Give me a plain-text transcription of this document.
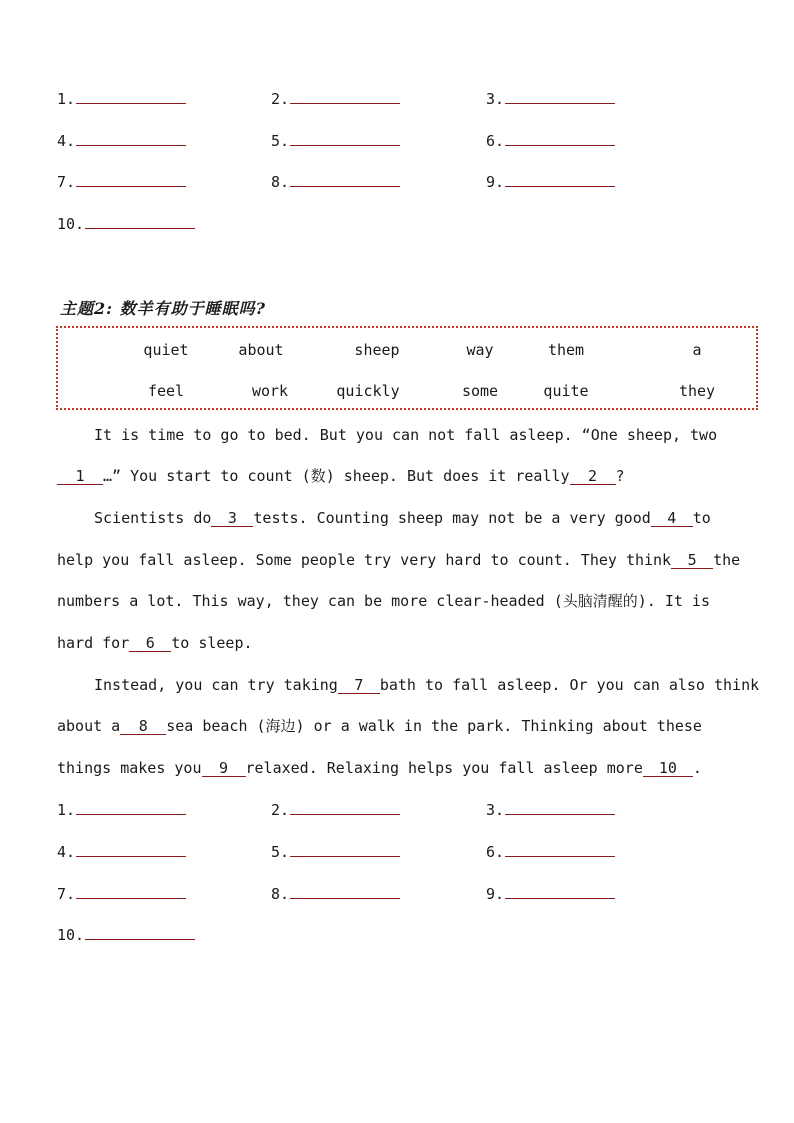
1.	2.	3.
4.	5.	6.
7.	8.	9.
10.
主题2: 数羊有助于睡眠吗?
quiet	about	sheep	way	them	a
feel	work	quickly	some	quite	they
It is time to go to bed. But you can not fall asleep. “One sheep, two
1 …” You start to count (数) sheep. But does it really 2 ?
Scientists do 3 tests. Counting sheep may not be a very good 4 to
help you fall asleep. Some people try very hard to count. They think 5 the
numbers a lot. This way, they can be more clear-headed (头脑清醒的). It is
hard for 6 to sleep.
Instead, you can try taking 7 bath to fall asleep. Or you can also think
about a 8 sea beach (海边) or a walk in the park. Thinking about these
things makes you 9 relaxed. Relaxing helps you fall asleep more 10 .
1.	2.	3.
4.	5.	6.
7.	8.	9.
10.
